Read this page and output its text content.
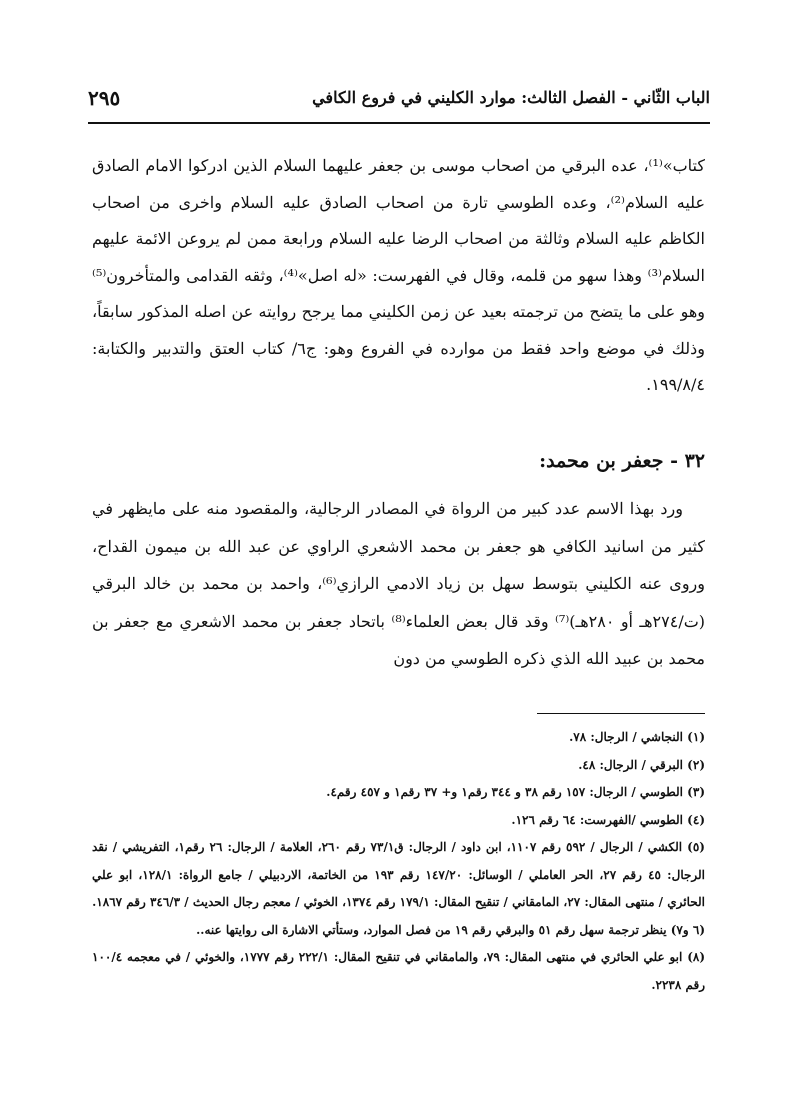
الباب الثّاني - الفصل الثالث: موارد الكليني في فروع الكافي
٢٩٥

كتاب»⁽¹⁾، عده البرقي من اصحاب موسى بن جعفر عليهما السلام الذين ادركوا الامام الصادق عليه السلام⁽²⁾، وعده الطوسي تارة من اصحاب الصادق عليه السلام واخرى من اصحاب الكاظم عليه السلام وثالثة من اصحاب الرضا عليه السلام ورابعة ممن لم يروعن الائمة عليهم السلام⁽³⁾ وهذا سهو من قلمه، وقال في الفهرست: «له اصل»⁽⁴⁾، وثقه القدامى والمتأخرون⁽⁵⁾ وهو على ما يتضح من ترجمته بعيد عن زمن الكليني مما يرجح روايته عن اصله المذكور سابقاً، وذلك في موضع واحد فقط من موارده في الفروع وهو: ج٦/ كتاب العتق والتدبير والكتابة: ١٩٩/٨/٤.

٣٢ - جعفر بن محمد:

ورد بهذا الاسم عدد كبير من الرواة في المصادر الرجالية، والمقصود منه على مايظهر في كثير من اسانيد الكافي هو جعفر بن محمد الاشعري الراوي عن عبد الله بن ميمون القداح، وروى عنه الكليني بتوسط سهل بن زياد الادمي الرازي⁽⁶⁾، واحمد بن محمد بن خالد البرقي (ت/٢٧٤هـ أو ٢٨٠هـ)⁽⁷⁾ وقد قال بعض العلماء⁽⁸⁾ باتحاد جعفر بن محمد الاشعري مع جعفر بن محمد بن عبيد الله الذي ذكره الطوسي من دون

(١) النجاشي / الرجال: ٧٨.

(٢) البرقي / الرجال: ٤٨.

(٣) الطوسي / الرجال: ١٥٧ رقم ٣٨ و ٣٤٤ رقم١ و+ ٣٧ رقم١ و ٤٥٧ رقم٤.

(٤) الطوسي /الفهرست: ٦٤ رقم ١٢٦.

(٥) الكشي / الرجال / ٥٩٢ رقم ١١٠٧، ابن داود / الرجال: ق٧٣/١ رقم ٢٦٠، العلامة / الرجال: ٢٦ رقم١، التفريشي / نقد الرجال: ٤٥ رقم ٢٧، الحر العاملي / الوسائل: ١٤٧/٢٠ رقم ١٩٣ من الخاتمة، الاردبيلي / جامع الرواة: ١٢٨/١، ابو علي الحائري / منتهى المقال: ٢٧، المامقاني / تنقيح المقال: ١٧٩/١ رقم ١٣٧٤، الخوئي / معجم رجال الحديث / ٣٤٦/٣ رقم ١٨٦٧.

(٦ و٧) ينظر ترجمة سهل رقم ٥١ والبرقي رقم ١٩ من فصل الموارد، وستأتي الاشارة الى روايتها عنه..

(٨) ابو علي الحائري في منتهى المقال: ٧٩، والمامقاني في تنقيح المقال: ٢٢٢/١ رقم ١٧٧٧، والخوئي / في معجمه ١٠٠/٤ رقم ٢٢٣٨.
